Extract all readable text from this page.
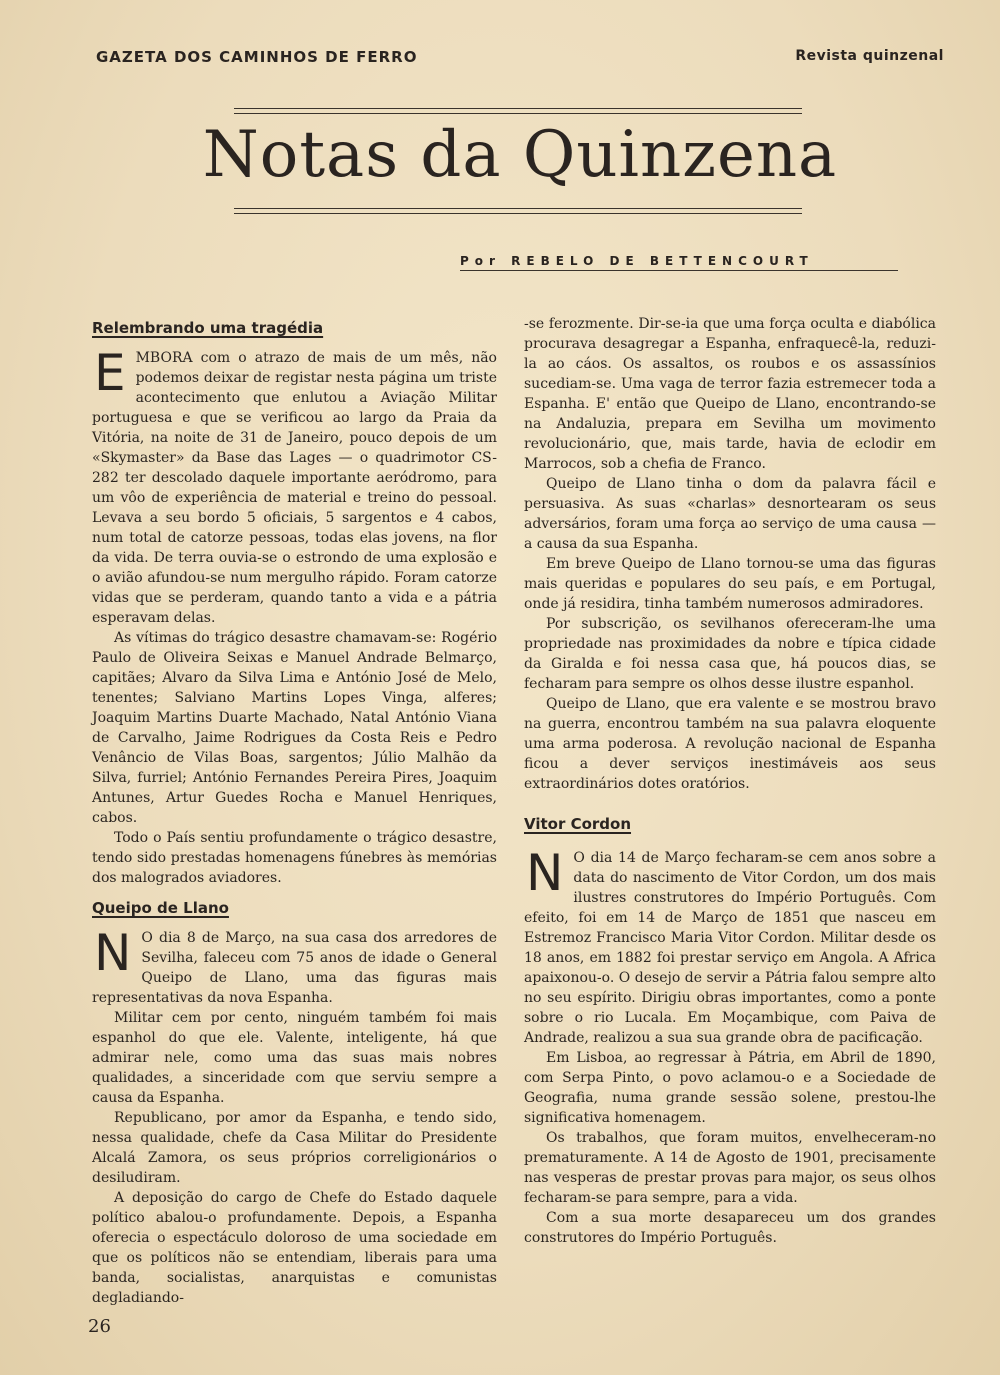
GAZETA DOS CAMINHOS DE FERRO	Revista quinzenal
Notas da Quinzena
Por REBELO DE BETTENCOURT
Relembrando uma tragédia

EMBORA com o atrazo de mais de um mês, não podemos deixar de registar nesta página um triste acontecimento que enlutou a Aviação Militar portuguesa e que se verificou ao largo da Praia da Vitória, na noite de 31 de Janeiro, pouco depois de um «Skymaster» da Base das Lages — o quadrimotor CS-282 ter descolado daquele importante aeródromo, para um vôo de experiência de material e treino do pessoal. Levava a seu bordo 5 oficiais, 5 sargentos e 4 cabos, num total de catorze pessoas, todas elas jovens, na flor da vida. De terra ouvia-se o estrondo de uma explosão e o avião afundou-se num mergulho rápido. Foram catorze vidas que se perderam, quando tanto a vida e a pátria esperavam delas.

As vítimas do trágico desastre chamavam-se: Rogério Paulo de Oliveira Seixas e Manuel Andrade Belmarço, capitães; Alvaro da Silva Lima e António José de Melo, tenentes; Salviano Martins Lopes Vinga, alferes; Joaquim Martins Duarte Machado, Natal António Viana de Carvalho, Jaime Rodrigues da Costa Reis e Pedro Venâncio de Vilas Boas, sargentos; Júlio Malhão da Silva, furriel; António Fernandes Pereira Pires, Joaquim Antunes, Artur Guedes Rocha e Manuel Henriques, cabos.

Todo o País sentiu profundamente o trágico desastre, tendo sido prestadas homenagens fúnebres às memórias dos malogrados aviadores.

Queipo de Llano

N O dia 8 de Março, na sua casa dos arredores de Sevilha, faleceu com 75 anos de idade o General Queipo de Llano, uma das figuras mais representativas da nova Espanha.

Militar cem por cento, ninguém também foi mais espanhol do que ele. Valente, inteligente, há que admirar nele, como uma das suas mais nobres qualidades, a sinceridade com que serviu sempre a causa da Espanha.

Republicano, por amor da Espanha, e tendo sido, nessa qualidade, chefe da Casa Militar do Presidente Alcalá Zamora, os seus próprios correligionários o desiludiram.

A deposição do cargo de Chefe do Estado daquele político abalou-o profundamente. Depois, a Espanha oferecia o espectáculo doloroso de uma sociedade em que os políticos não se entendiam, liberais para uma banda, socialistas, anarquistas e comunistas degladiando-

-se ferozmente. Dir-se-ia que uma força oculta e diabólica procurava desagregar a Espanha, enfraquecê-la, reduzi-la ao cáos. Os assaltos, os roubos e os assassínios sucediam-se. Uma vaga de terror fazia estremecer toda a Espanha. E' então que Queipo de Llano, encontrando-se na Andaluzia, prepara em Sevilha um movimento revolucionário, que, mais tarde, havia de eclodir em Marrocos, sob a chefia de Franco.

Queipo de Llano tinha o dom da palavra fácil e persuasiva. As suas «charlas» desnortearam os seus adversários, foram uma força ao serviço de uma causa — a causa da sua Espanha.

Em breve Queipo de Llano tornou-se uma das figuras mais queridas e populares do seu país, e em Portugal, onde já residira, tinha também numerosos admiradores.

Por subscrição, os sevilhanos ofereceram-lhe uma propriedade nas proximidades da nobre e típica cidade da Giralda e foi nessa casa que, há poucos dias, se fecharam para sempre os olhos desse ilustre espanhol.

Queipo de Llano, que era valente e se mostrou bravo na guerra, encontrou também na sua palavra eloquente uma arma poderosa. A revolução nacional de Espanha ficou a dever serviços inestimáveis aos seus extraordinários dotes oratórios.

Vitor Cordon

N O dia 14 de Março fecharam-se cem anos sobre a data do nascimento de Vitor Cordon, um dos mais ilustres construtores do Império Português. Com efeito, foi em 14 de Março de 1851 que nasceu em Estremoz Francisco Maria Vitor Cordon. Militar desde os 18 anos, em 1882 foi prestar serviço em Angola. A Africa apaixonou-o. O desejo de servir a Pátria falou sempre alto no seu espírito. Dirigiu obras importantes, como a ponte sobre o rio Lucala. Em Moçambique, com Paiva de Andrade, realizou a sua sua grande obra de pacificação.

Em Lisboa, ao regressar à Pátria, em Abril de 1890, com Serpa Pinto, o povo aclamou-o e a Sociedade de Geografia, numa grande sessão solene, prestou-lhe significativa homenagem.

Os trabalhos, que foram muitos, envelheceram-no prematuramente. A 14 de Agosto de 1901, precisamente nas vesperas de prestar provas para major, os seus olhos fecharam-se para sempre, para a vida.

Com a sua morte desapareceu um dos grandes construtores do Império Português.

26
